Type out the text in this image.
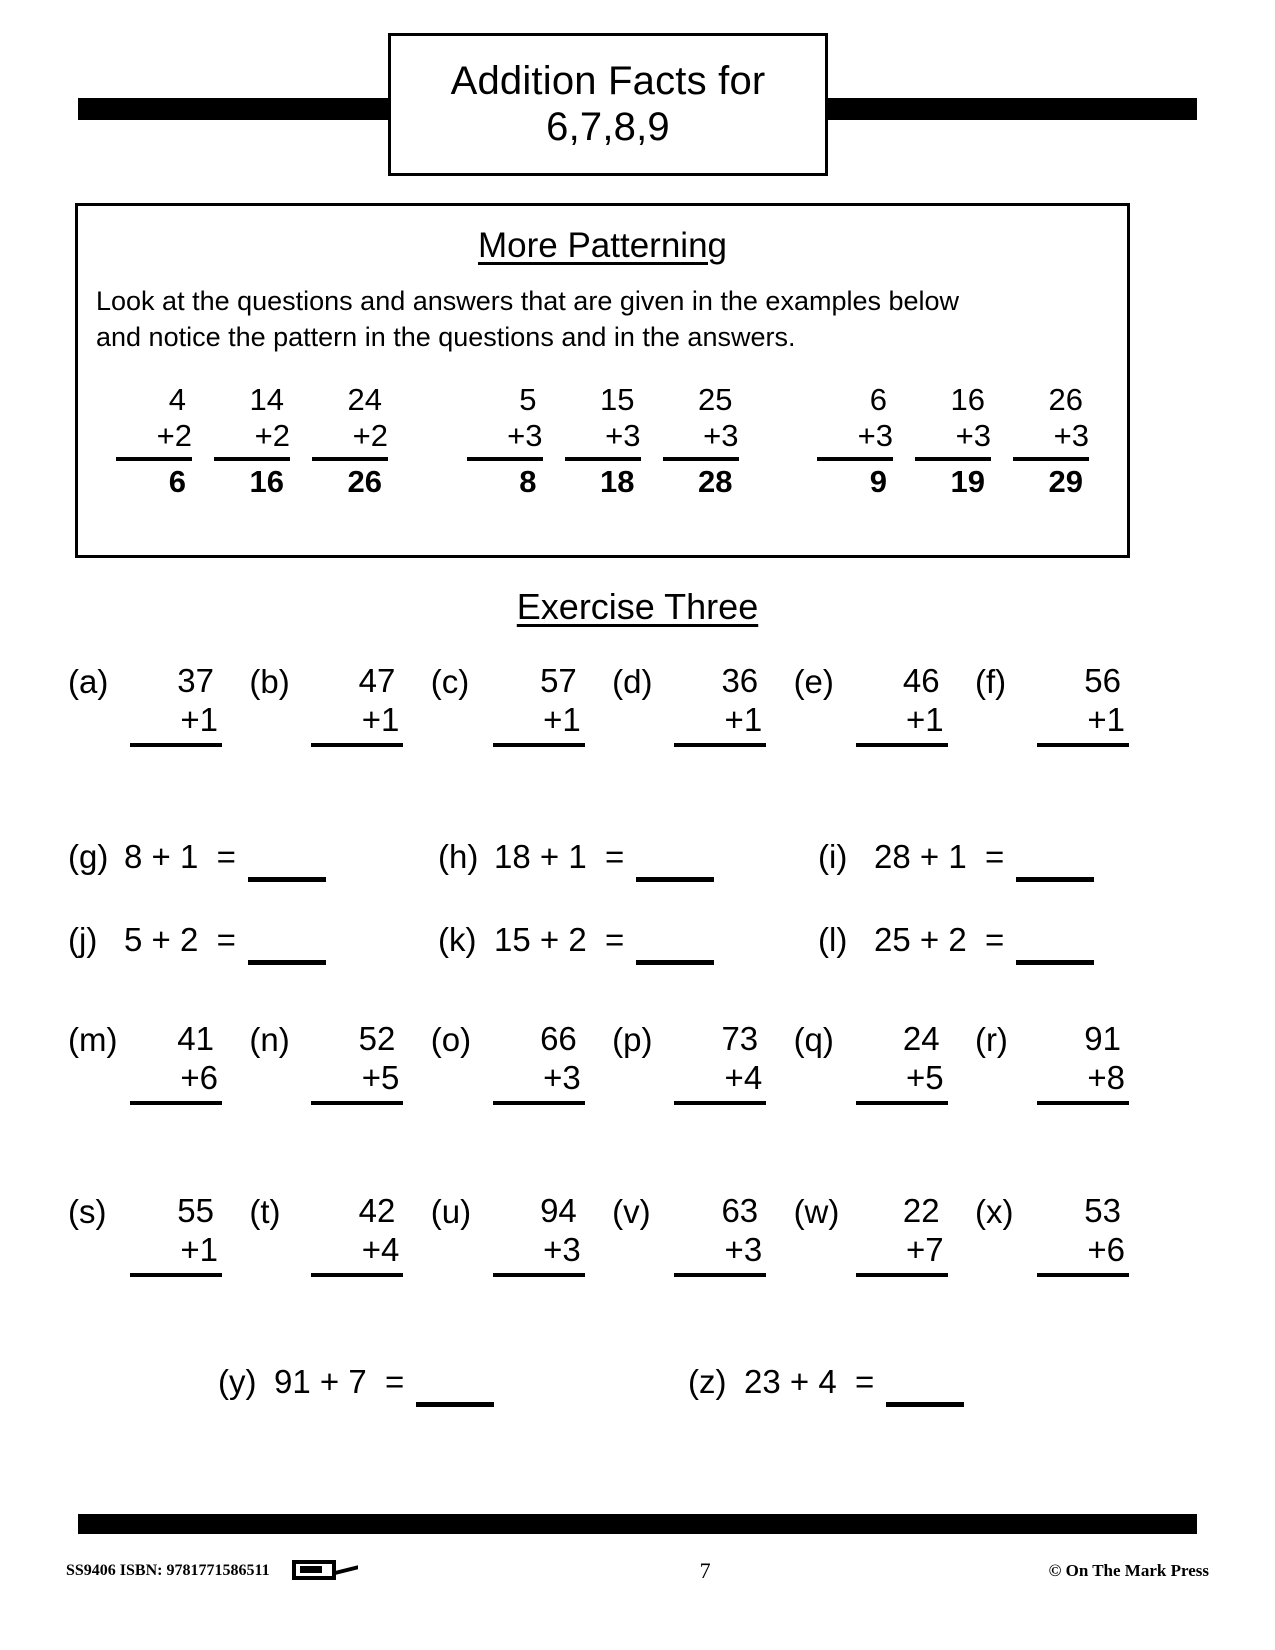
Addition Facts for
6,7,8,9
More Patterning
Look at the questions and answers that are given in the examples below
and notice the pattern in the questions and in the answers.
4
+2
6
14
+2
16
24
+2
26
5
+3
8
15
+3
18
25
+3
28
6
+3
9
16
+3
19
26
+3
29
Exercise Three
(a)	37
+1
(b)	47
+1
(c)	57
+1
(d)	36
+1
(e)	46
+1
(f)	56
+1
(g) 8 + 1  =	(h) 18 + 1  =	(i) 28 + 1  =
(j) 5 + 2  =	(k) 15 + 2  =	(l) 25 + 2  =
(m)	41
+6
(n)	52
+5
(o)	66
+3
(p)	73
+4
(q)	24
+5
(r)	91
+8
(s)	55
+1
(t)	42
+4
(u)	94
+3
(v)	63
+3
(w)	22
+7
(x)	53
+6
(y) 91 + 7  =	(z) 23 + 4  =
SS9406 ISBN: 9781771586511	7	© On The Mark Press
